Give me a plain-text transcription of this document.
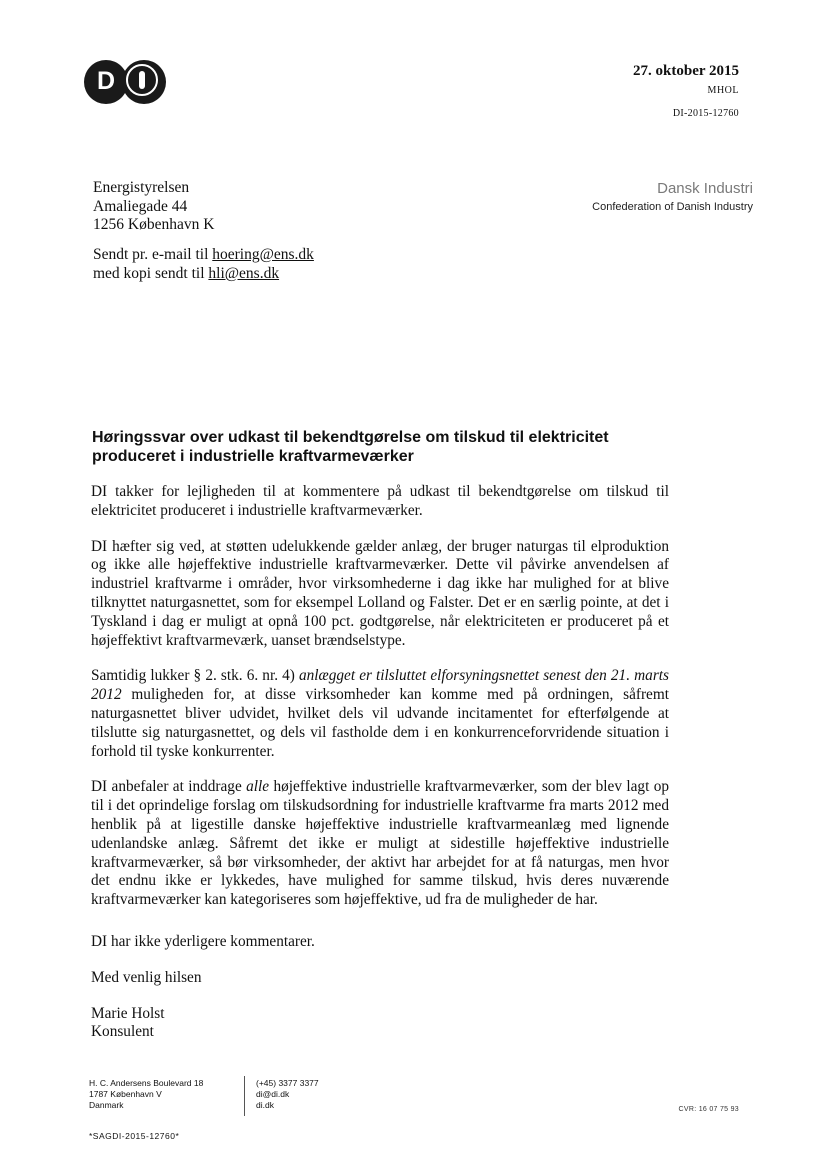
D	27. oktober 2015
MHOL
DI-2015-12760
Dansk Industri
Confederation of Danish Industry
Energistyrelsen
Amaliegade 44
1256 København K
Sendt pr. e-mail til hoering@ens.dk
med kopi sendt til hli@ens.dk
Høringssvar over udkast til bekendtgørelse om tilskud til elektricitet produceret i industrielle kraftvarmeværker

DI takker for lejligheden til at kommentere på udkast til bekendtgørelse om tilskud til elektricitet produceret i industrielle kraftvarmeværker.

DI hæfter sig ved, at støtten udelukkende gælder anlæg, der bruger naturgas til elproduktion og ikke alle højeffektive industrielle kraftvarmeværker. Dette vil påvirke anvendelsen af industriel kraftvarme i områder, hvor virksomhederne i dag ikke har mulighed for at blive tilknyttet naturgasnettet, som for eksempel Lolland og Falster. Det er en særlig pointe, at det i Tyskland i dag er muligt at opnå 100 pct. godtgørelse, når elektriciteten er produceret på et højeffektivt kraftvarmeværk, uanset brændselstype.

Samtidig lukker § 2. stk. 6. nr. 4) anlægget er tilsluttet elforsyningsnettet senest den 21. marts 2012 muligheden for, at disse virksomheder kan komme med på ordningen, såfremt naturgasnettet bliver udvidet, hvilket dels vil udvande incitamentet for efterfølgende at tilslutte sig naturgasnettet, og dels vil fastholde dem i en konkurrenceforvridende situation i forhold til tyske konkurrenter.

DI anbefaler at inddrage alle højeffektive industrielle kraftvarmeværker, som der blev lagt op til i det oprindelige forslag om tilskudsordning for industrielle kraftvarme fra marts 2012 med henblik på at ligestille danske højeffektive industrielle kraftvarmeanlæg med lignende udenlandske anlæg. Såfremt det ikke er muligt at sidestille højeffektive industrielle kraftvarmeværker, så bør virksomheder, der aktivt har arbejdet for at få naturgas, men hvor det endnu ikke er lykkedes, have mulighed for samme tilskud, hvis deres nuværende kraftvarmeværker kan kategoriseres som højeffektive, ud fra de muligheder de har.

DI har ikke yderligere kommentarer.

Med venlig hilsen

Marie Holst
Konsulent
H. C. Andersens Boulevard 18
1787 København V
Danmark
(+45) 3377 3377
di@di.dk
di.dk	CVR: 16 07 75 93
*SAGDI-2015-12760*
